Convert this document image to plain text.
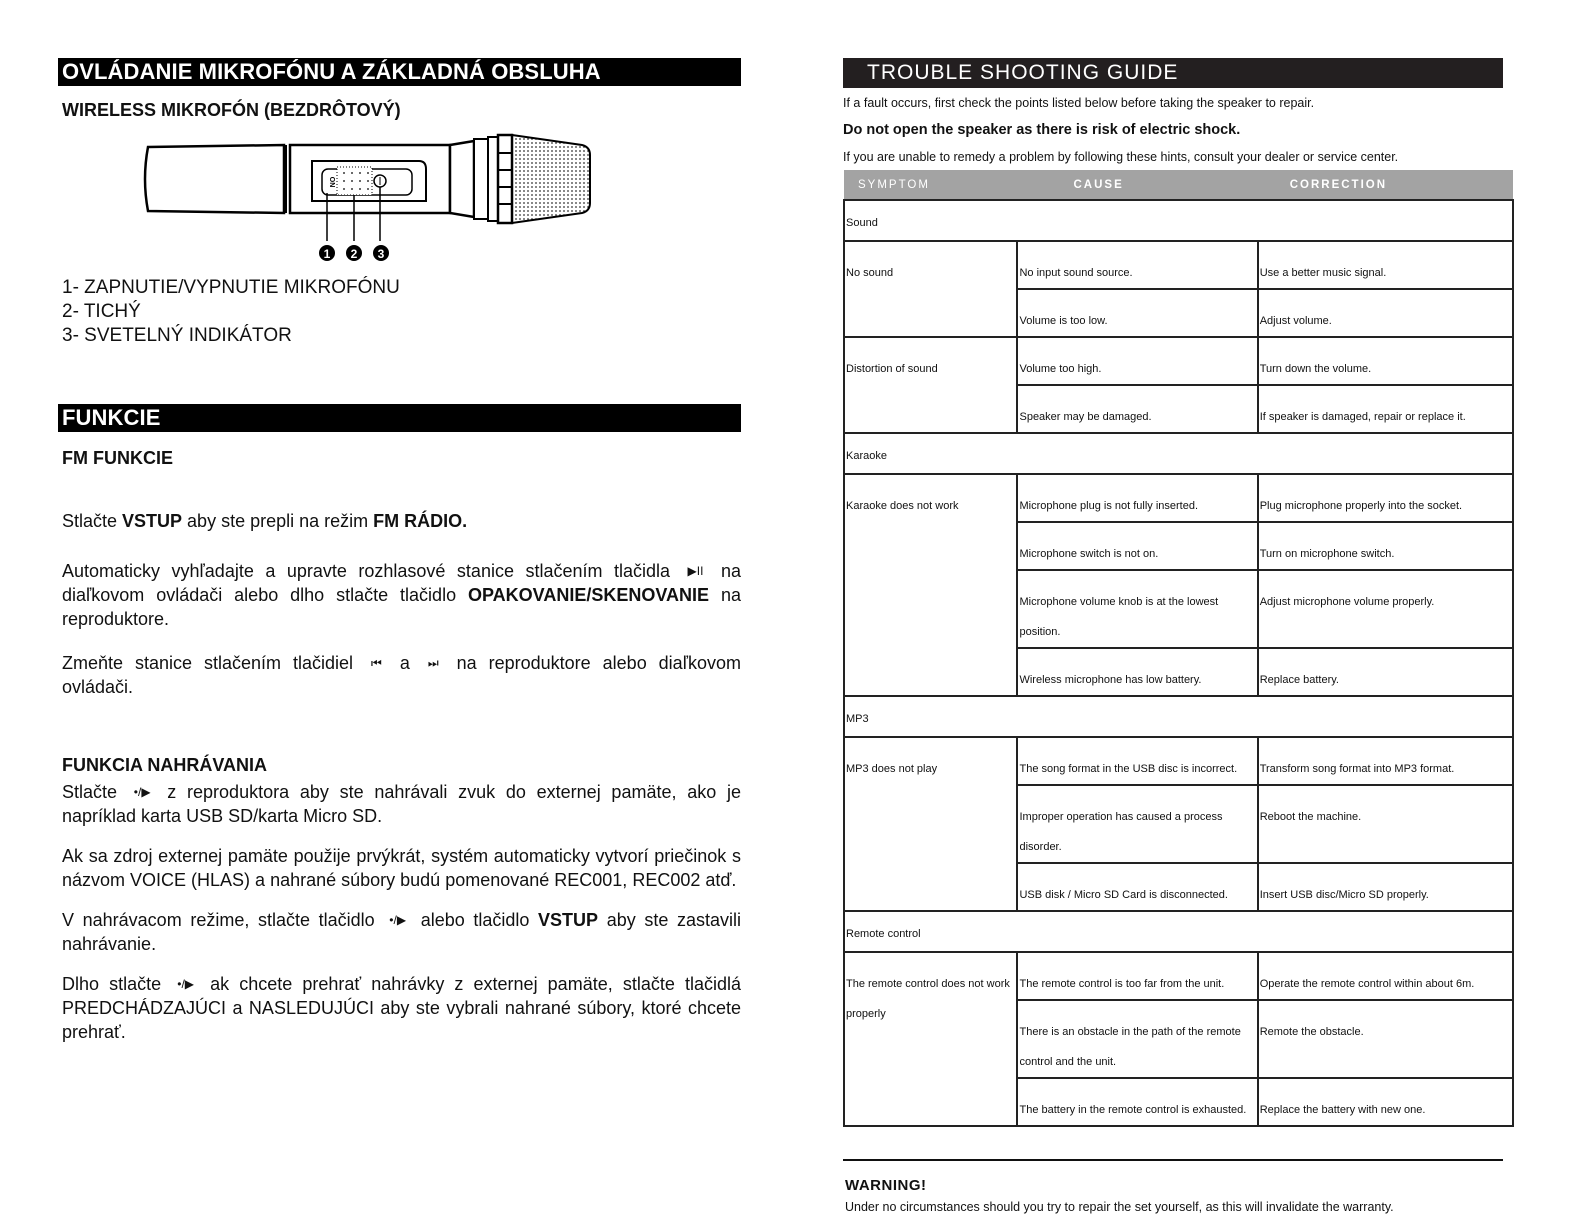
OVLÁDANIE MIKROFÓNU A ZÁKLADNÁ OBSLUHA
WIRELESS MIKROFÓN (BEZDRÔTOVÝ)
ON
1 2 3
1- ZAPNUTIE/VYPNUTIE MIKROFÓNU
2- TICHÝ
3- SVETELNÝ INDIKÁTOR
FUNKCIE
FM FUNKCIE

Stlačte VSTUP aby ste prepli na režim FM RÁDIO.

Automaticky vyhľadajte a upravte rozhlasové stanice stlačením tlačidla ▶II na diaľkovom ovládači alebo dlho stlačte tlačidlo OPAKOVANIE/SKENOVANIE na reproduktore.

Zmeňte stanice stlačením tlačidiel ⏮ a ⏭ na reproduktore alebo diaľkovom ovládači.

FUNKCIA NAHRÁVANIA

Stlačte •/▶ z reproduktora aby ste nahrávali zvuk do externej pamäte, ako je napríklad karta USB SD/karta Micro SD.

Ak sa zdroj externej pamäte použije prvýkrát, systém automaticky vytvorí priečinok s názvom VOICE (HLAS) a nahrané súbory budú pomenované REC001, REC002 atď.

V nahrávacom režime, stlačte tlačidlo •/▶ alebo tlačidlo VSTUP aby ste zastavili nahrávanie.

Dlho stlačte •/▶ ak chcete prehrať nahrávky z externej pamäte, stlačte tlačidlá PREDCHÁDZAJÚCI a NASLEDUJÚCI aby ste vybrali nahrané súbory, ktoré chcete prehrať.

TROUBLE SHOOTING GUIDE
If a fault occurs, first check the points listed below before taking the speaker to repair.
Do not open the speaker as there is risk of electric shock.
If you are unable to remedy a problem by following these hints, consult your dealer or service center.
SYMPTOM	CAUSE	CORRECTION
Sound		
No sound	No input sound source.	Use a better music signal.
	Volume is too low.	Adjust volume.
Distortion of sound	Volume too high.	Turn down the volume.
	Speaker may be damaged.	If speaker is damaged, repair or replace it.
Karaoke		
Karaoke does not work	Microphone plug is not fully inserted.	Plug microphone properly into the socket.
	Microphone switch is not on.	Turn on microphone switch.
	Microphone volume knob is at the lowest position.	Adjust microphone volume properly.
	Wireless microphone has low battery.	Replace battery.
MP3		
MP3 does not play	The song format in the USB disc is incorrect.	Transform song format into MP3 format.
	Improper operation has caused a process disorder.	Reboot the machine.
	USB disk / Micro SD Card is disconnected.	Insert USB disc/Micro SD properly.
Remote control		
The remote control does not work properly	The remote control is too far from the unit.	Operate the remote control within about 6m.
	There is an obstacle in the path of the remote control and the unit.	Remote the obstacle.
	The battery in the remote control is exhausted.	Replace the battery with new one.
WARNING!
Under no circumstances should you try to repair the set yourself, as this will invalidate the warranty.
